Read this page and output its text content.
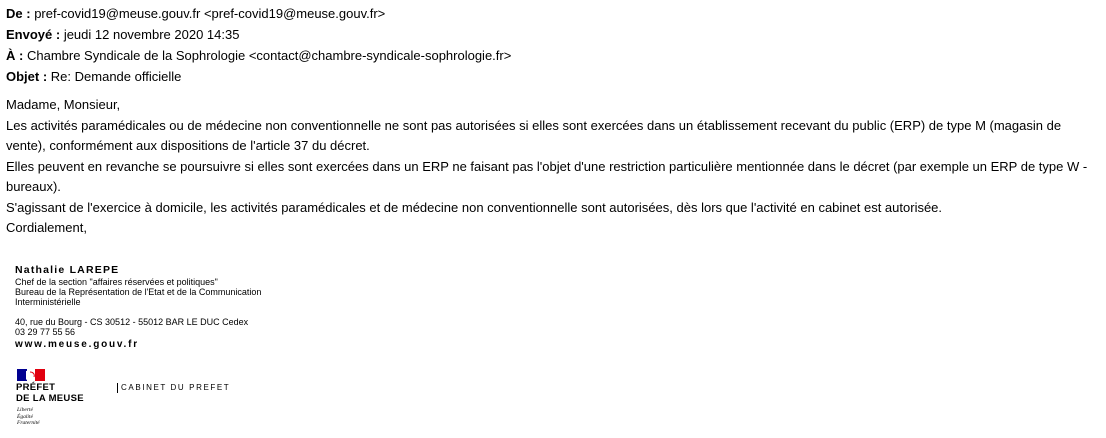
De : pref-covid19@meuse.gouv.fr <pref-covid19@meuse.gouv.fr>
Envoyé : jeudi 12 novembre 2020 14:35
À : Chambre Syndicale de la Sophrologie <contact@chambre-syndicale-sophrologie.fr>
Objet : Re: Demande officielle

Madame, Monsieur,

Les activités paramédicales ou de médecine non conventionnelle ne sont pas autorisées si elles sont exercées dans un établissement recevant du public (ERP) de type M (magasin de vente), conformément aux dispositions de l'article 37 du décret.

Elles peuvent en revanche se poursuivre si elles sont exercées dans un ERP ne faisant pas l'objet d'une restriction particulière mentionnée dans le décret (par exemple un ERP de type W - bureaux).

S'agissant de l'exercice à domicile, les activités paramédicales et de médecine non conventionnelle sont autorisées, dès lors que l'activité en cabinet est autorisée.

Cordialement,

Nathalie LAREPE
Chef de la section "affaires réservées et politiques"
Bureau de la Représentation de l'Etat et de la Communication
Interministérielle
40, rue du Bourg - CS 30512 - 55012 BAR LE DUC Cedex
03 29 77 55 56
www.meuse.gouv.fr
PRÉFET
DE LA MEUSE
Liberté
Égalité
Fraternité
CABINET DU PREFET
